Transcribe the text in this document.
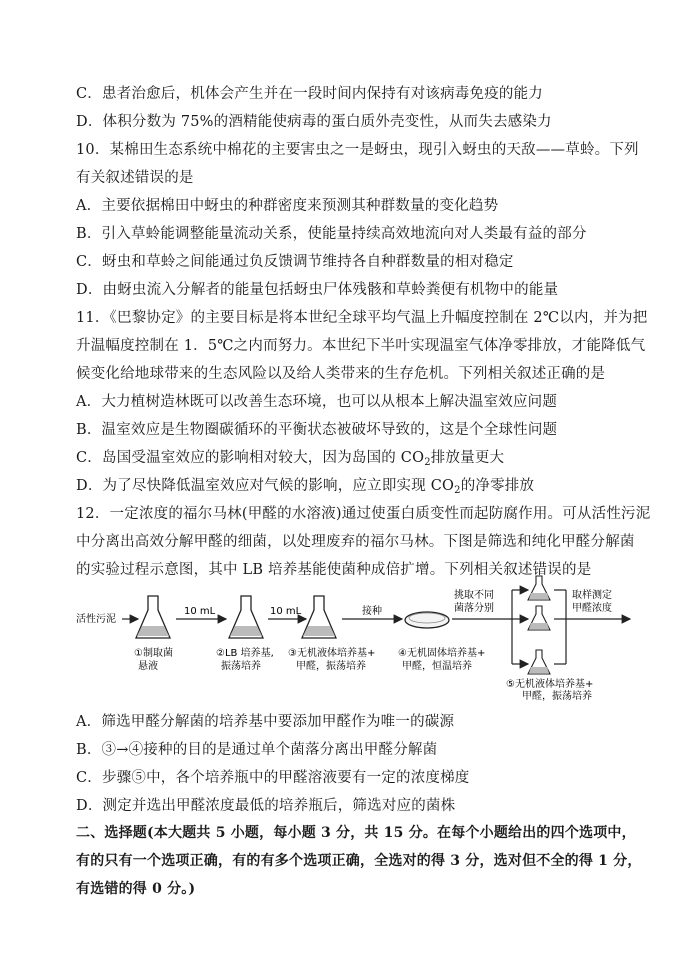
C．患者治愈后，机体会产生并在一段时间内保持有对该病毒免疫的能力
D．体积分数为 75%的酒精能使病毒的蛋白质外壳变性，从而失去感染力
10．某棉田生态系统中棉花的主要害虫之一是蚜虫，现引入蚜虫的天敌——草蛉。下列
有关叙述错误的是
A．主要依据棉田中蚜虫的种群密度来预测其种群数量的变化趋势
B．引入草蛉能调整能量流动关系，使能量持续高效地流向对人类最有益的部分
C．蚜虫和草蛉之间能通过负反馈调节维持各自种群数量的相对稳定
D．由蚜虫流入分解者的能量包括蚜虫尸体残骸和草蛉粪便有机物中的能量
11．《巴黎协定》的主要目标是将本世纪全球平均气温上升幅度控制在 2℃以内，并为把
升温幅度控制在 1．5℃之内而努力。本世纪下半叶实现温室气体净零排放，才能降低气
候变化给地球带来的生态风险以及给人类带来的生存危机。下列相关叙述正确的是
A．大力植树造林既可以改善生态环境，也可以从根本上解决温室效应问题
B．温室效应是生物圈碳循环的平衡状态被破坏导致的，这是个全球性问题
C．岛国受温室效应的影响相对较大，因为岛国的 $CO_2$排放量更大
D．为了尽快降低温室效应对气候的影响，应立即实现 $CO_2$的净零排放
12．一定浓度的福尔马林(甲醛的水溶液)通过使蛋白质变性而起防腐作用。可从活性污泥
中分离出高效分解甲醛的细菌，以处理废弃的福尔马林。下图是筛选和纯化甲醛分解菌
的实验过程示意图，其中 LB 培养基能使菌种成倍扩增。下列相关叙述错误的是
活性污泥
①制取菌
悬液
10 mL
②LB 培养基,
振荡培养
10 mL
③无机液体培养基+
甲醛，振荡培养
接种
④无机固体培养基+
甲醛，恒温培养
挑取不同
菌落分别
取样测定
甲醛浓度
⑤无机液体培养基+
甲醛，振荡培养
A．筛选甲醛分解菌的培养基中要添加甲醛作为唯一的碳源
B．③→④接种的目的是通过单个菌落分离出甲醛分解菌
C．步骤⑤中，各个培养瓶中的甲醛溶液要有一定的浓度梯度
D．测定并选出甲醛浓度最低的培养瓶后，筛选对应的菌株
二、选择题(本大题共 5 小题，每小题 3 分，共 15 分。在每个小题给出的四个选项中，
有的只有一个选项正确，有的有多个选项正确，全选对的得 3 分，选对但不全的得 1 分，
有选错的得 0 分。)
